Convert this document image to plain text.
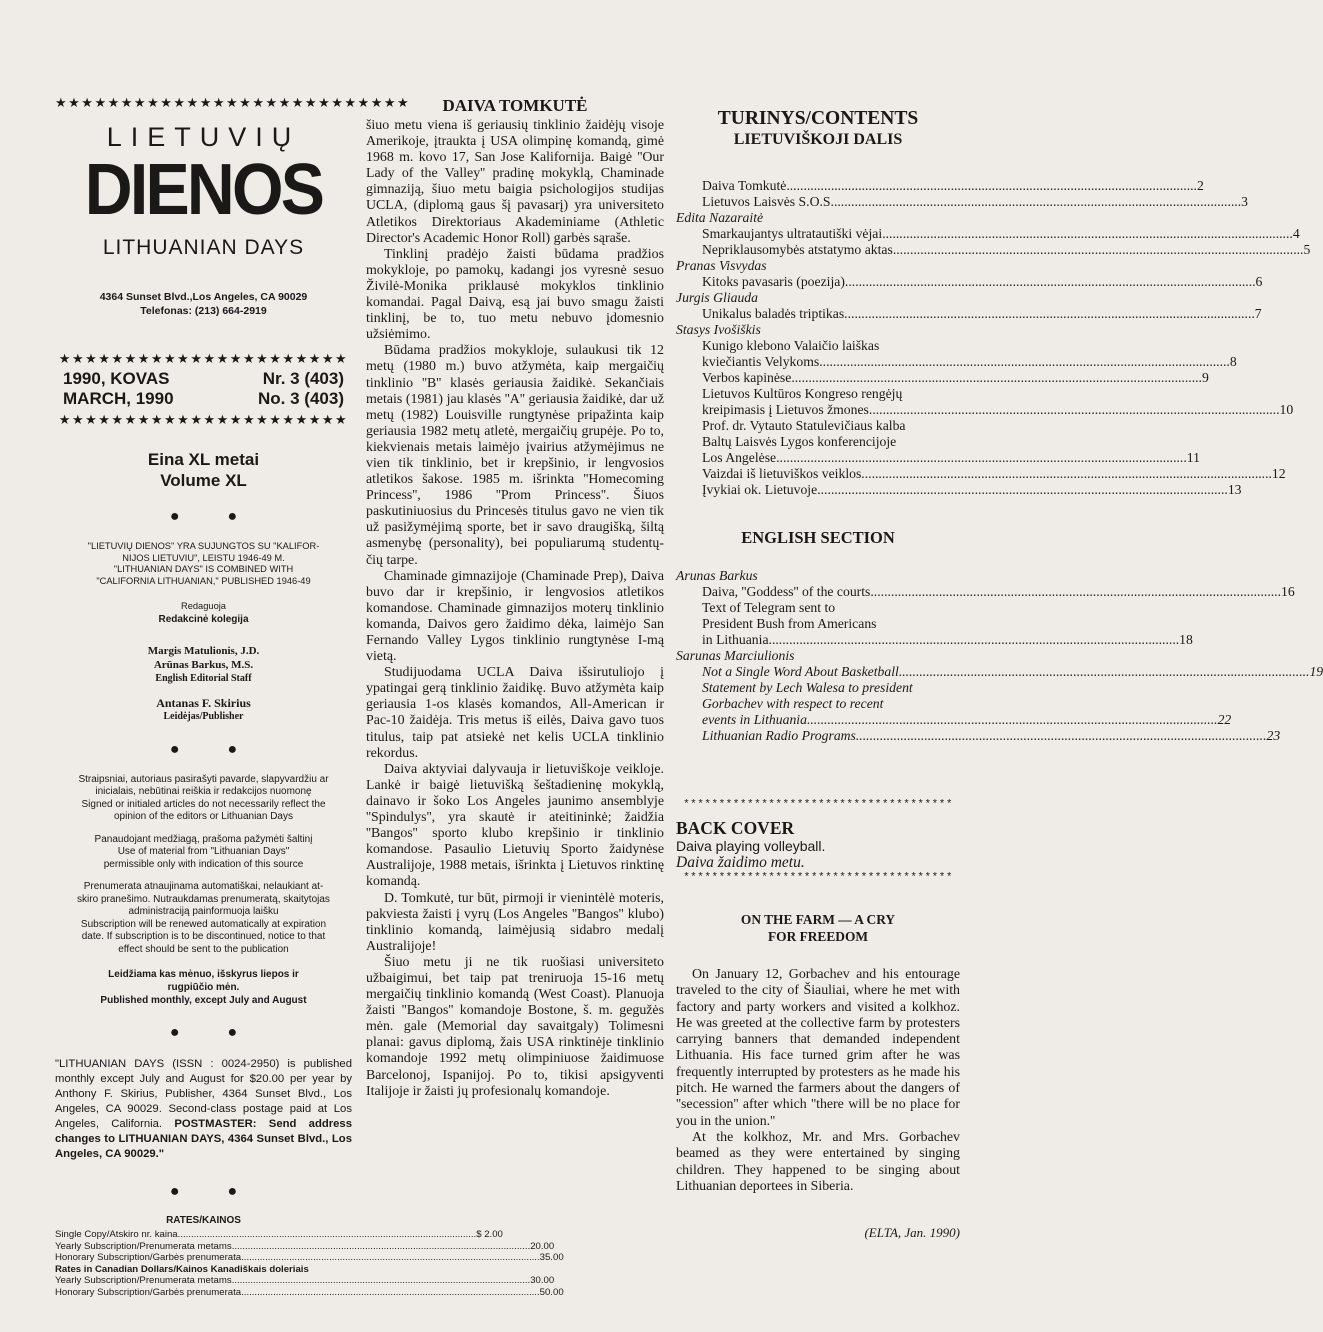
★★★★★★★★★★★★★★★★★★★★★★★★★★★
LIETUVIŲ
DIENOS
LITHUANIAN DAYS
4364 Sunset Blvd.,Los Angeles, CA 90029
Telefonas: (213) 664-2919
★★★★★★★★★★★★★★★★★★★★★★
1990, KOVAS	Nr. 3 (403)
MARCH, 1990	No. 3 (403)
★★★★★★★★★★★★★★★★★★★★★★
Eina XL metai
Volume XL
● ●
"LIETUVIŲ DIENOS" YRA SUJUNGTOS SU "KALIFOR-
NIJOS LIETUVIU", LEISTU 1946-49 M.
"LITHUANIAN DAYS" IS COMBINED WITH
"CALIFORNIA LITHUANIAN," PUBLISHED 1946-49
Redaguoja
Redakcinė kolegija

Margis Matulionis, J.D.

Arūnas Barkus, M.S.

English Editorial Staff

Antanas F. Skirius
Leidėjas/Publisher
● ●
Straipsniai, autoriaus pasirašyti pavarde, slapyvardžiu ar
inicialais, nebūtinai reiškia ir redakcijos nuomonę
Signed or initialed articles do not necessarily reflect the
opinion of the editors or Lithuanian Days
Panaudojant medžiagą, prašoma pažymėti šaltinį
Use of material from "Lithuanian Days"
permissible only with indication of this source
Prenumerata atnaujinama automatiškai, nelaukiant at-
skiro pranešimo. Nutraukdamas prenumeratą, skaitytojas
administraciją painformuoja laišku
Subscription will be renewed automatically at expiration
date. If subscription is to be discontinued, notice to that
effect should be sent to the publication
Leidžiama kas mėnuo, išskyrus liepos ir
rugpiūčio mėn.
Published monthly, except July and August
● ●
"LITHUANIAN DAYS (ISSN : 0024-2950) is published monthly except July and August for $20.00 per year by Anthony F. Skirius, Publisher, 4364 Sunset Blvd., Los Angeles, CA 90029. Second-class postage paid at Los Angeles, California. POSTMASTER: Send address changes to LITHUANIAN DAYS, 4364 Sunset Blvd., Los Angeles, CA 90029."
● ●
RATES/KAINOS
Single Copy/Atskiro nr. kaina .....	$ 2.00
Yearly Subscription/Prenumerata metams .....	20.00
Honorary Subscription/Garbės prenumerata .....	35.00
Rates in Canadian Dollars/Kainos Kanadiškais doleriais
Yearly Subscription/Prenumerata metams .....	30.00
Honorary Subscription/Garbės prenumerata .....	50.00
DAIVA TOMKUTĖ

šiuo metu viena iš geriausių tinklinio žaidėjų visoje Amerikoje, įtraukta į USA olimpinę komandą, gimė 1968 m. kovo 17, San Jose Kalifornija. Baigė ''Our Lady of the Valley'' pradinę mokyklą, Chaminade gimnaziją, šiuo metu baigia psichologijos studijas UCLA, (diplomą gaus šį pavasarį) yra universiteto Atletikos Direktoriaus Akademiniame (Athletic Director's Academic Honor Roll) garbės sąraše.

Tinklinį pradėjo žaisti būdama pradžios mokykloje, po pamokų, kadangi jos vyresnė sesuo Živilė-Monika priklausė mokyklos tinklinio komandai. Pagal Daivą, esą jai buvo smagu žaisti tinklinį, be to, tuo metu nebuvo įdomesnio užsiėmimo.

Būdama pradžios mokykloje, sulaukusi tik 12 metų (1980 m.) buvo atžymėta, kaip mergaičių tinklinio ''B'' klasės geriausia žaidikė. Sekančiais metais (1981) jau klasės ''A'' geriausia žaidikė, dar už metų (1982) Louisville rungtynėse pripažinta kaip geriausia 1982 metų atletė, mergaičių grupėje. Po to, kiekvienais metais laimėjo įvairius atžymėjimus ne vien tik tinklinio, bet ir krepšinio, ir lengvosios atletikos šakose. 1985 m. išrinkta ''Homecoming Princess'', 1986 ''Prom Princess''. Šiuos paskutiniuosius du Princesės titulus gavo ne vien tik už pasižymėjimą sporte, bet ir savo draugišką, šiltą asmenybę (personality), bei populiarumą studentų-čių tarpe.

Chaminade gimnazijoje (Chaminade Prep), Daiva buvo dar ir krepšinio, ir lengvosios atletikos komandose. Chaminade gimnazijos moterų tinklinio komanda, Daivos gero žaidimo dėka, laimėjo San Fernando Valley Lygos tinklinio rungtynėse I-mą vietą.

Studijuodama UCLA Daiva išsirutuliojo į ypatingai gerą tinklinio žaidikę. Buvo atžymėta kaip geriausia 1-os klasės komandos, All-American ir Pac-10 žaidėja. Tris metus iš eilės, Daiva gavo tuos titulus, taip pat atsiekė net kelis UCLA tinklinio rekordus.

Daiva aktyviai dalyvauja ir lietuviškoje veikloje. Lankė ir baigė lietuvišką šeštadieninę mokyklą, dainavo ir šoko Los Angeles jaunimo ansemblyje ''Spindulys'', yra skautė ir ateitininkė; žaidžia ''Bangos'' sporto klubo krepšinio ir tinklinio komandose. Pasaulio Lietuvių Sporto žaidynėse Australijoje, 1988 metais, išrinkta į Lietuvos rinktinę komandą.

D. Tomkutė, tur būt, pirmoji ir vienintėlė moteris, pakviesta žaisti į vyrų (Los Angeles ''Bangos'' klubo) tinklinio komandą, laimėjusią sidabro medalį Australijoje!

Šiuo metu ji ne tik ruošiasi universiteto užbaigimui, bet taip pat treniruoja 15-16 metų mergaičių tinklinio komandą (West Coast). Planuoja žaisti ''Bangos'' komandoje Bostone, š. m. gegužės mėn. gale (Memorial day savaitgaly) Tolimesni planai: gavus diplomą, žais USA rinktinėje tinklinio komandoje 1992 metų olimpiniuose žaidimuose Barcelonoj, Ispanijoj. Po to, tikisi apsigyventi Italijoje ir žaisti jų profesionalų komandoje.

TURINYS/CONTENTS
LIETUVIŠKOJI DALIS
Daiva Tomkutė .....	2
Lietuvos Laisvės S.O.S .....	3
Edita Nazaraitė
Smarkaujantys ultratautiški vėjai .....	4
Nepriklausomybės atstatymo aktas .....	5
Pranas Visvydas
Kitoks pavasaris (poezija) .....	6
Jurgis Gliauda
Unikalus baladės triptikas .....	7
Stasys Ivošiškis
Kunigo klebono Valaičio laiškas
kviečiantis Velykoms .....	8
Verbos kapinėse .....	9
Lietuvos Kultūros Kongreso rengėjų
kreipimasis į Lietuvos žmones .....	10
Prof. dr. Vytauto Statulevičiaus kalba
Baltų Laisvės Lygos konferencijoje
Los Angelėse .....	11
Vaizdai iš lietuviškos veiklos .....	12
Įvykiai ok. Lietuvoje .....	13
ENGLISH SECTION
Arunas Barkus
Daiva, ''Goddess'' of the courts .....	16
Text of Telegram sent to
President Bush from Americans
in Lithuania .....	18
Sarunas Marciulionis
Not a Single Word About Basketball .....	19
Statement by Lech Walesa to president
Gorbachev with respect to recent
events in Lithuania .....	22
Lithuanian Radio Programs .....	23
**************************************
BACK COVER
Daiva playing volleyball.
Daiva žaidimo metu.
**************************************
ON THE FARM — A CRY
FOR FREEDOM

On January 12, Gorbachev and his entourage traveled to the city of Šiauliai, where he met with factory and party workers and visited a kolkhoz. He was greeted at the collective farm by protesters carrying banners that demanded independent Lithuania. His face turned grim after he was frequently interrupted by protesters as he made his pitch. He warned the farmers about the dangers of ''secession'' after which ''there will be no place for you in the union.''

At the kolkhoz, Mr. and Mrs. Gorbachev beamed as they were entertained by singing children. They happened to be singing about Lithuanian deportees in Siberia.

(ELTA, Jan. 1990)
